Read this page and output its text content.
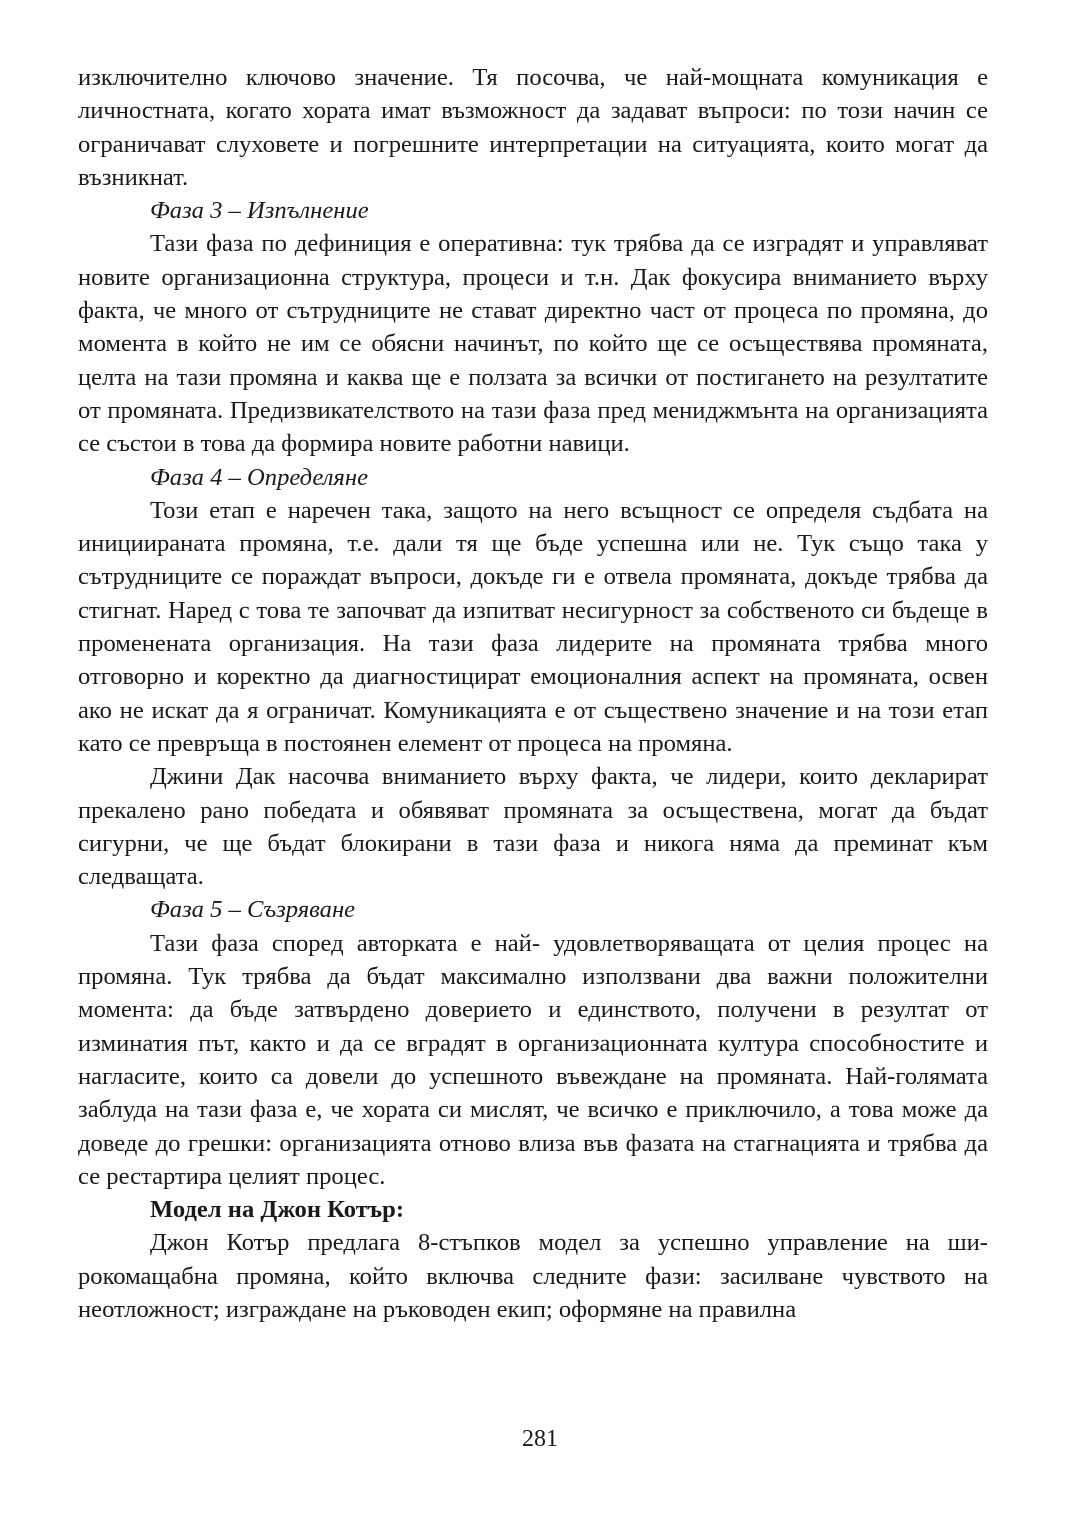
изключително ключово значение. Тя посочва, че най-мощната комуникация е личностната, когато хората имат възможност да задават въпроси: по този начин се ограничават слуховете и погрешните интерпретации на ситуацията, които могат да възникнат.

Фаза 3 – Изпълнение

Тази фаза по дефиниция е оперативна: тук трябва да се изградят и управляват новите организационна структура, процеси и т.н. Дак фокусира вниманието върху факта, че много от сътрудниците не стават директно част от процеса по промяна, до момента в който не им се обясни начинът, по който ще се осъществява промяната, целта на тази промяна и каква ще е ползата за всички от постигането на резултатите от промяната. Предизвикателството на тази фаза пред мениджмънта на организацията се състои в това да формира новите работни навици.

Фаза 4 – Определяне

Този етап е наречен така, защото на него всъщност се определя съдбата на инициираната промяна, т.е. дали тя ще бъде успешна или не. Тук също така у сътрудниците се пораждат въпроси, докъде ги е отвела промяната, докъде трябва да стигнат. Наред с това те започват да изпитват несигурност за собственото си бъдеще в променената организация. На тази фаза лидерите на промяната трябва много отговорно и коректно да диагностицират емоционалния аспект на промяната, освен ако не искат да я ограничат. Комуникацията е от съществено значение и на този етап като се превръща в постоянен елемент от процеса на промяна.

Джини Дак насочва вниманието върху факта, че лидери, които декларират прекалено рано победата и обявяват промяната за осъществена, могат да бъдат сигурни, че ще бъдат блокирани в тази фаза и никога няма да преминат към следващата.

Фаза 5 – Съзряване

Тази фаза според авторката е най- удовлетворяващата от целия процес на промяна. Тук трябва да бъдат максимално използвани два важни положителни момента: да бъде затвърдено доверието и единството, получени в резултат от изминатия път, както и да се вградят в организационната култура способностите и нагласите, които са довели до успешното въвеждане на промяната. Най-голямата заблуда на тази фаза е, че хората си мислят, че всичко е приключило, а това може да доведе до грешки: организацията отново влиза във фазата на стагнацията и трябва да се рестартира целият процес.

Модел на Джон Котър:

Джон Котър предлага 8-стъпков модел за успешно управление на широкомащабна промяна, който включва следните фази: засилване чувството на неотложност; изграждане на ръководен екип; оформяне на правилна

281
